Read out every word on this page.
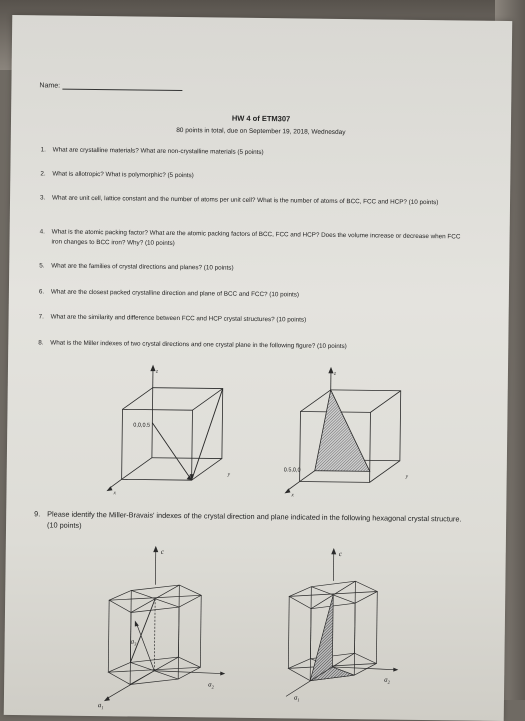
Name:
HW 4 of ETM307
80 points in total, due on September 19, 2018, Wednesday
1. What are crystalline materials? What are non-crystalline materials (5 points)
2. What is allotropic? What is polymorphic? (5 points)
3. What are unit cell, lattice constant and the number of atoms per unit cell? What is the number of atoms of BCC, FCC and HCP? (10 points)
4. What is the atomic packing factor? What are the atomic packing factors of BCC, FCC and HCP? Does the volume increase or decrease when FCC iron changes to BCC iron? Why? (10 points)
5. What are the families of crystal directions and planes? (10 points)
6. What are the closest packed crystalline direction and plane of BCC and FCC? (10 points)
7. What are the similarity and difference between FCC and HCP crystal structures? (10 points)
8. What is the Miller indexes of two crystal directions and one crystal plane in the following figure? (10 points)
z
y
x
0,0,0.5
z
y
x
0.5,0,0
9. Please identify the Miller-Bravais' indexes of the crystal direction and plane indicated in the following hexagonal crystal structure. (10 points)
c
$a_3$
$a_2$
$a_1$
c
$a_2$
$a_1$
